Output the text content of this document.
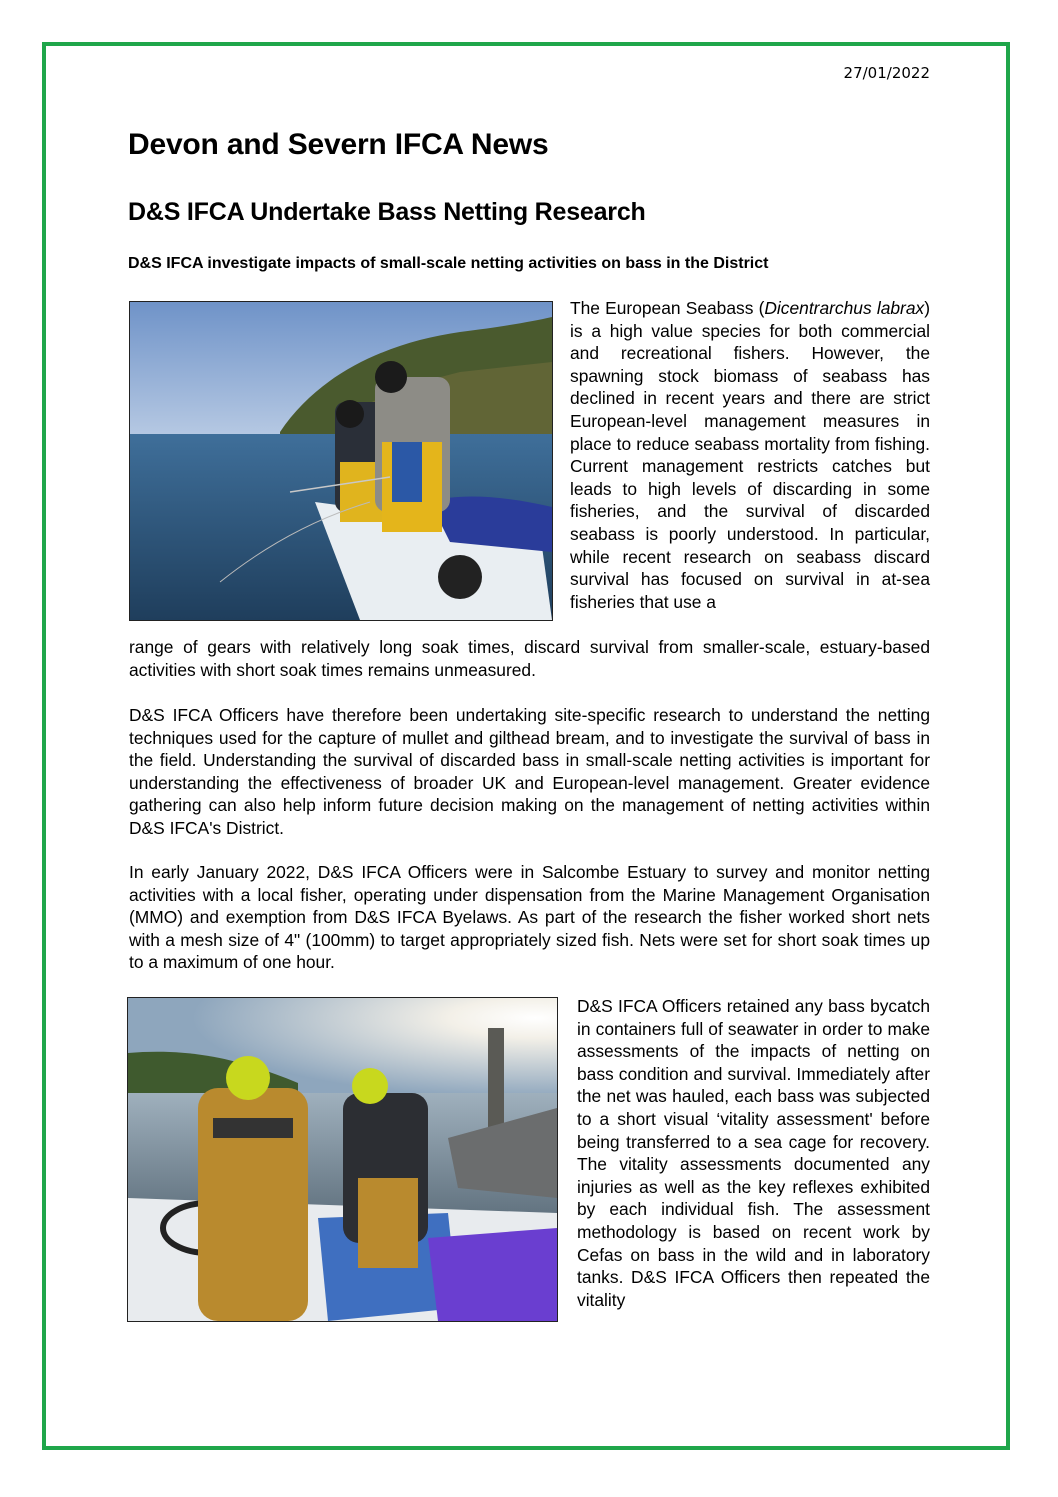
27/01/2022
Devon and Severn IFCA News
D&S IFCA Undertake Bass Netting Research
D&S IFCA investigate impacts of small-scale netting activities on bass in the District

The European Seabass (Dicentrarchus labrax) is a high value species for both commercial and recreational fishers. However, the spawning stock biomass of seabass has declined in recent years and there are strict European-level management measures in place to reduce seabass mortality from fishing. Current management restricts catches but leads to high levels of discarding in some fisheries, and the survival of discarded seabass is poorly understood. In particular, while recent research on seabass discard survival has focused on survival in at-sea fisheries that use a

range of gears with relatively long soak times, discard survival from smaller-scale, estuary-based activities with short soak times remains unmeasured.

D&S IFCA Officers have therefore been undertaking site-specific research to understand the netting techniques used for the capture of mullet and gilthead bream, and to investigate the survival of bass in the field. Understanding the survival of discarded bass in small-scale netting activities is important for understanding the effectiveness of broader UK and European-level management. Greater evidence gathering can also help inform future decision making on the management of netting activities within D&S IFCA's District.

In early January 2022, D&S IFCA Officers were in Salcombe Estuary to survey and monitor netting activities with a local fisher, operating under dispensation from the Marine Management Organisation (MMO) and exemption from D&S IFCA Byelaws. As part of the research the fisher worked short nets with a mesh size of 4" (100mm) to target appropriately sized fish. Nets were set for short soak times up to a maximum of one hour.

D&S IFCA Officers retained any bass bycatch in containers full of seawater in order to make assessments of the impacts of netting on bass condition and survival. Immediately after the net was hauled, each bass was subjected to a short visual ‘vitality assessment' before being transferred to a sea cage for recovery. The vitality assessments documented any injuries as well as the key reflexes exhibited by each individual fish. The assessment methodology is based on recent work by Cefas on bass in the wild and in laboratory tanks. D&S IFCA Officers then repeated the vitality
